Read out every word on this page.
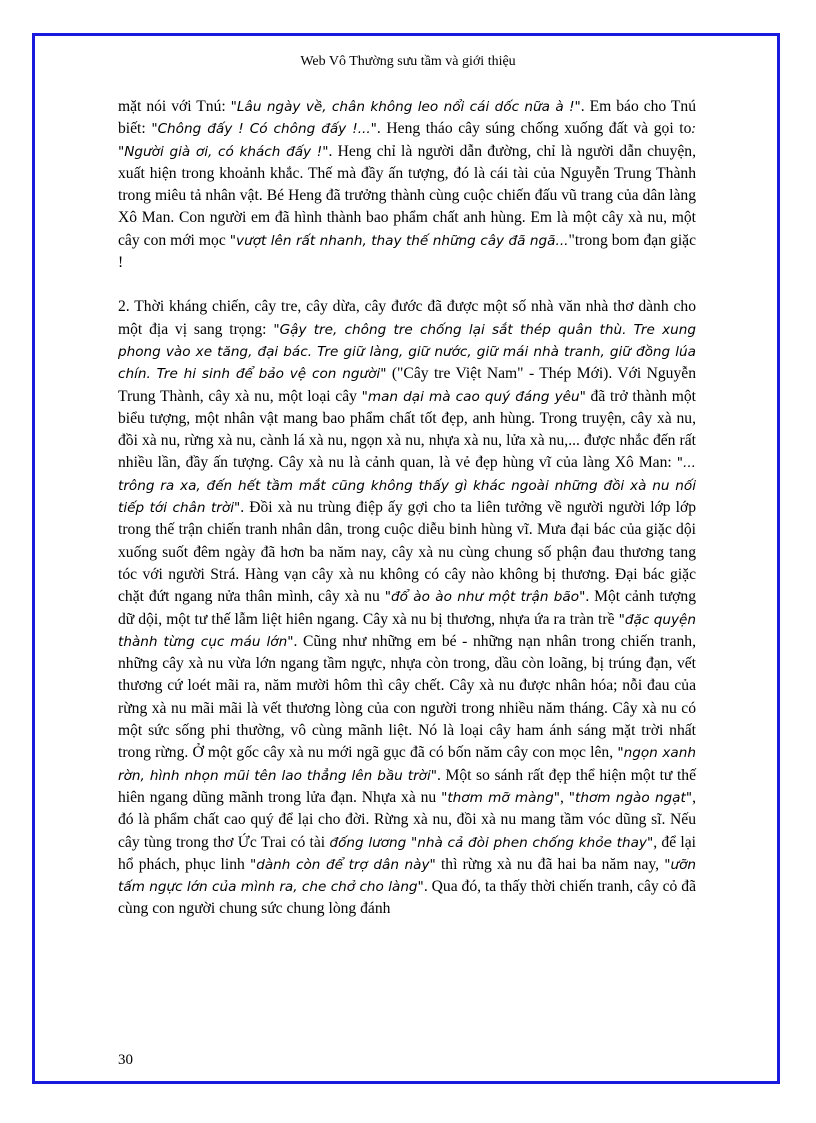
Web Vô Thường sưu tầm và giới thiệu

mặt nói với Tnú: "Lâu ngày về, chân không leo nổi cái dốc nữa à !". Em báo cho Tnú biết: "Chông đấy ! Có chông đấy !...". Heng tháo cây súng chống xuống đất và gọi to: "Người già ơi, có khách đấy !". Heng chỉ là người dẫn đường, chỉ là người dẫn chuyện, xuất hiện trong khoảnh khắc. Thế mà đầy ấn tượng, đó là cái tài của Nguyễn Trung Thành trong miêu tả nhân vật. Bé Heng đã trưởng thành cùng cuộc chiến đấu vũ trang của dân làng Xô Man. Con người em đã hình thành bao phẩm chất anh hùng. Em là một cây xà nu, một cây con mới mọc "vượt lên rất nhanh, thay thế những cây đã ngã..."trong bom đạn giặc !

2. Thời kháng chiến, cây tre, cây dừa, cây đước đã được một số nhà văn nhà thơ dành cho một địa vị sang trọng: "Gậy tre, chông tre chống lại sắt thép quân thù. Tre xung phong vào xe tăng, đại bác. Tre giữ làng, giữ nước, giữ mái nhà tranh, giữ đồng lúa chín. Tre hi sinh để bảo vệ con người" ("Cây tre Việt Nam" - Thép Mới). Với Nguyễn Trung Thành, cây xà nu, một loại cây "man dại mà cao quý đáng yêu" đã trở thành một biểu tượng, một nhân vật mang bao phẩm chất tốt đẹp, anh hùng. Trong truyện, cây xà nu, đồi xà nu, rừng xà nu, cành lá xà nu, ngọn xà nu, nhựa xà nu, lửa xà nu,... được nhắc đến rất nhiều lần, đầy ấn tượng. Cây xà nu là cảnh quan, là vẻ đẹp hùng vĩ của làng Xô Man: "... trông ra xa, đến hết tầm mắt cũng không thấy gì khác ngoài những đồi xà nu nối tiếp tới chân trời". Đồi xà nu trùng điệp ấy gợi cho ta liên tưởng về người người lớp lớp trong thế trận chiến tranh nhân dân, trong cuộc diễu binh hùng vĩ. Mưa đại bác của giặc dội xuống suốt đêm ngày đã hơn ba năm nay, cây xà nu cùng chung số phận đau thương tang tóc với người Strá. Hàng vạn cây xà nu không có cây nào không bị thương. Đại bác giặc chặt đứt ngang nửa thân mình, cây xà nu "đổ ào ào như một trận bão". Một cảnh tượng dữ dội, một tư thế lẫm liệt hiên ngang. Cây xà nu bị thương, nhựa ứa ra tràn trề "đặc quyện thành từng cục máu lớn". Cũng như những em bé - những nạn nhân trong chiến tranh, những cây xà nu vừa lớn ngang tầm ngực, nhựa còn trong, dầu còn loãng, bị trúng đạn, vết thương cứ loét mãi ra, năm mười hôm thì cây chết. Cây xà nu được nhân hóa; nỗi đau của rừng xà nu mãi mãi là vết thương lòng của con người trong nhiều năm tháng. Cây xà nu có một sức sống phi thường, vô cùng mãnh liệt. Nó là loại cây ham ánh sáng mặt trời nhất trong rừng. Ở một gốc cây xà nu mới ngã gục đã có bốn năm cây con mọc lên, "ngọn xanh rờn, hình nhọn mũi tên lao thẳng lên bầu trời". Một so sánh rất đẹp thể hiện một tư thế hiên ngang dũng mãnh trong lửa đạn. Nhựa xà nu "thơm mỡ màng", "thơm ngào ngạt", đó là phẩm chất cao quý để lại cho đời. Rừng xà nu, đồi xà nu mang tầm vóc dũng sĩ. Nếu cây tùng trong thơ Ức Trai có tài đống lương "nhà cả đòi phen chống khỏe thay", để lại hổ phách, phục linh "dành còn để trợ dân này" thì rừng xà nu đã hai ba năm nay, "ưỡn tấm ngực lớn của mình ra, che chở cho làng". Qua đó, ta thấy thời chiến tranh, cây cỏ đã cùng con người chung sức chung lòng đánh

30
